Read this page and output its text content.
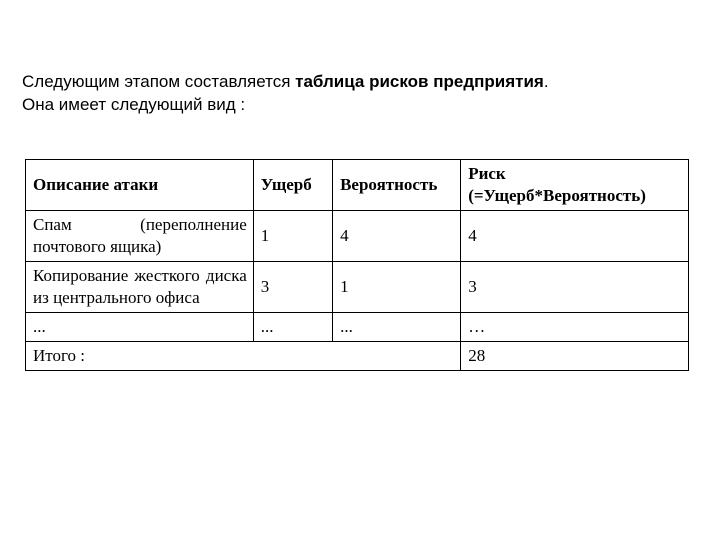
Следующим этапом составляется таблица рисков предприятия.
Она имеет следующий вид :
Описание атаки	Ущерб	Вероятность	Риск (=Ущерб*Вероятность)
Спам (переполнение почтового ящика)	1	4	4
Копирование жесткого диска из центрального офиса	3	1	3
...	...	...	…
Итого :			28
